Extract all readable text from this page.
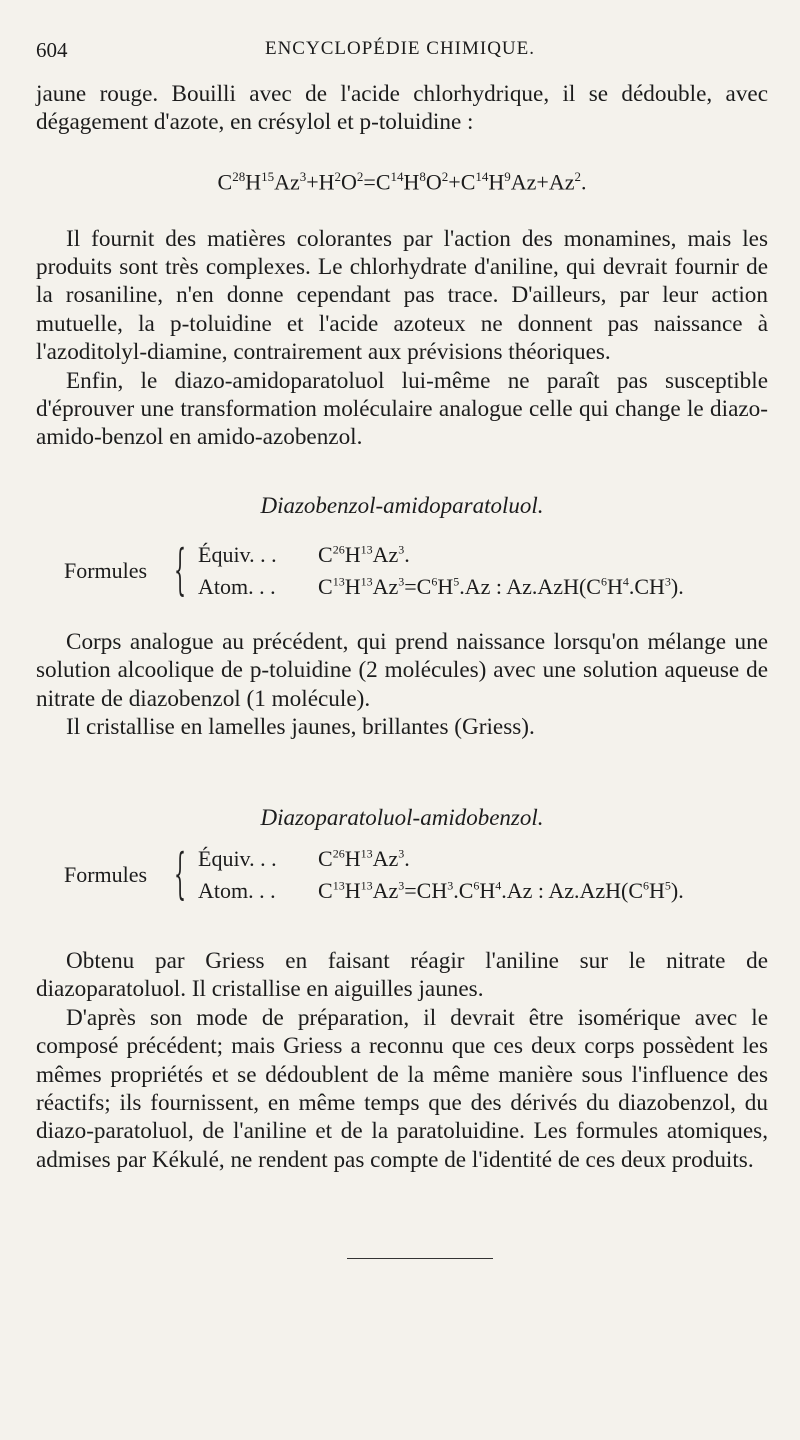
604	ENCYCLOPÉDIE CHIMIQUE.

jaune rouge. Bouilli avec de l'acide chlorhydrique, il se dédouble, avec dégagement d'azote, en crésylol et p-toluidine :

$C^{28}H^{15}Az^3+H^2O^2=C^{14}H^8O^2+C^{14}H^9Az+Az^2$.

Il fournit des matières colorantes par l'action des monamines, mais les produits sont très complexes. Le chlorhydrate d'aniline, qui devrait fournir de la rosaniline, n'en donne cependant pas trace. D'ailleurs, par leur action mutuelle, la p-toluidine et l'acide azoteux ne donnent pas naissance à l'azoditolyl-diamine, contrairement aux prévisions théoriques.

Enfin, le diazo-amidoparatoluol lui-même ne paraît pas susceptible d'éprouver une transformation moléculaire analogue celle qui change le diazo-amido-benzol en amido-azobenzol.

Diazobenzol-amidoparatoluol.
Formules { Équiv. . . $C^{26}H^{13}Az^3$.
Atom. . . $C^{13}H^{13}Az^3=C^6H^5.Az$ : $Az.AzH(C^6H^4.CH^3)$.

Corps analogue au précédent, qui prend naissance lorsqu'on mélange une solution alcoolique de p-toluidine (2 molécules) avec une solution aqueuse de nitrate de diazobenzol (1 molécule).

Il cristallise en lamelles jaunes, brillantes (Griess).

Diazoparatoluol-amidobenzol.
Formules { Équiv. . . $C^{26}H^{13}Az^3$.
Atom. . . $C^{13}H^{13}Az^3=CH^3.C^6H^4.Az$ : $Az.AzH(C^6H^5)$.

Obtenu par Griess en faisant réagir l'aniline sur le nitrate de diazoparatoluol. Il cristallise en aiguilles jaunes.

D'après son mode de préparation, il devrait être isomérique avec le composé précédent; mais Griess a reconnu que ces deux corps possèdent les mêmes propriétés et se dédoublent de la même manière sous l'influence des réactifs; ils fournissent, en même temps que des dérivés du diazobenzol, du diazo-paratoluol, de l'aniline et de la paratoluidine. Les formules atomiques, admises par Kékulé, ne rendent pas compte de l'identité de ces deux produits.
